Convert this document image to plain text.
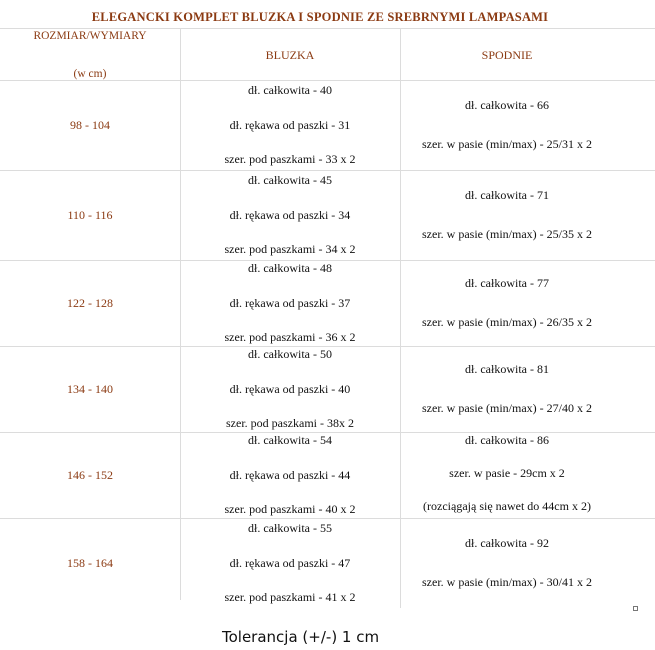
ELEGANCKI KOMPLET BLUZKA I SPODNIE ZE SREBRNYMI LAMPASAMI
ROZMIAR/WYMIARY
(w cm)
BLUZKA	SPODNIE
98 - 104
dł. całkowita - 40
dł. rękawa od paszki - 31
szer. pod paszkami - 33 x 2
dł. całkowita - 66
szer. w pasie (min/max) - 25/31 x 2
110 - 116
dł. całkowita - 45
dł. rękawa od paszki - 34
szer. pod paszkami - 34 x 2
dł. całkowita - 71
szer. w pasie (min/max) - 25/35 x 2
122 - 128
dł. całkowita - 48
dł. rękawa od paszki - 37
szer. pod paszkami - 36 x 2
dł. całkowita - 77
szer. w pasie (min/max) - 26/35 x 2
134 - 140
dł. całkowita - 50
dł. rękawa od paszki - 40
szer. pod paszkami - 38x 2
dł. całkowita - 81
szer. w pasie (min/max) - 27/40 x 2
146 - 152
dł. całkowita - 54
dł. rękawa od paszki - 44
szer. pod paszkami - 40 x 2
dł. całkowita - 86
szer. w pasie - 29cm x 2
(rozciągają się nawet do 44cm x 2)
158 - 164
dł. całkowita - 55
dł. rękawa od paszki - 47
szer. pod paszkami - 41 x 2
dł. całkowita - 92
szer. w pasie (min/max) - 30/41 x 2
Tolerancja (+/-) 1 cm
